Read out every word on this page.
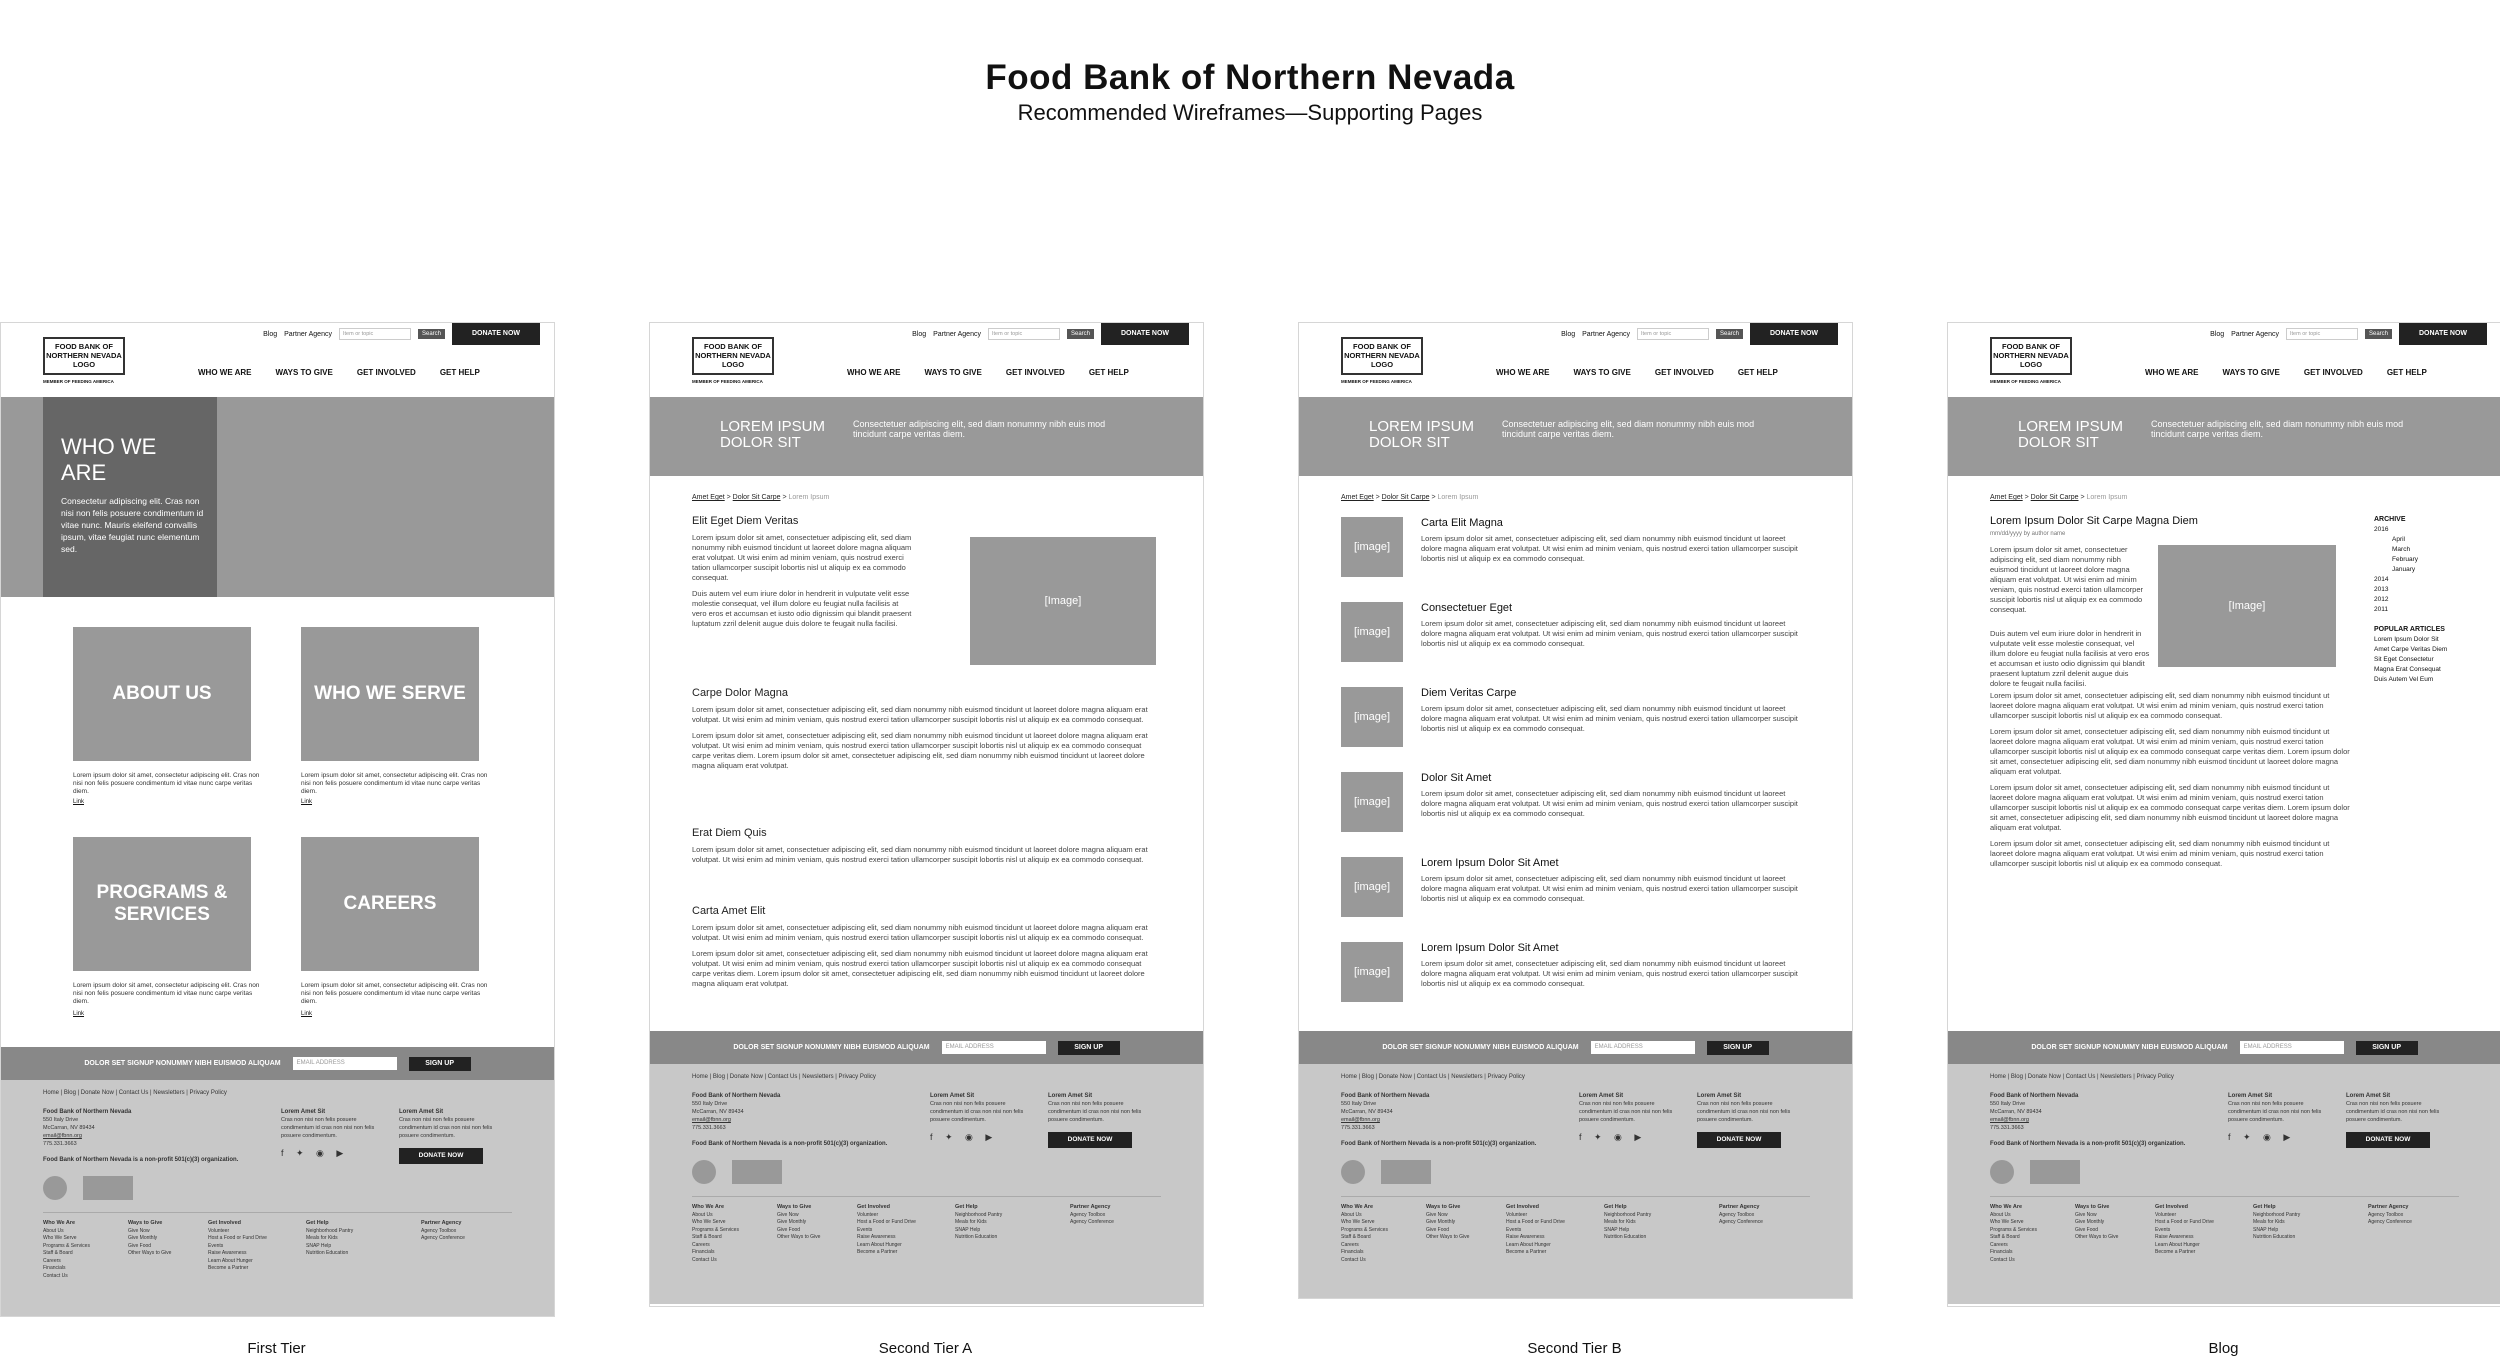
Food Bank of Northern Nevada
Recommended Wireframes—Supporting Pages
FOOD BANK OF NORTHERN NEVADA LOGO
MEMBER OF FEEDING AMERICA
Blog Partner Agency	Item or topic	Search	DONATE NOW
WHO WE ARE	WAYS TO GIVE	GET INVOLVED	GET HELP
WHO WE ARE
Consectetur adipiscing elit. Cras non nisi non felis posuere condimentum id vitae nunc. Mauris eleifend convallis ipsum, vitae feugiat nunc elementum sed.
ABOUT US	WHO WE SERVE
Lorem ipsum dolor sit amet, consectetur adipiscing elit. Cras non nisi non felis posuere condimentum id vitae nunc carpe veritas diem.
Lorem ipsum dolor sit amet, consectetur adipiscing elit. Cras non nisi non felis posuere condimentum id vitae nunc carpe veritas diem.
Link	Link
PROGRAMS & SERVICES
CAREERS
Lorem ipsum dolor sit amet, consectetur adipiscing elit. Cras non nisi non felis posuere condimentum id vitae nunc carpe veritas diem.
Lorem ipsum dolor sit amet, consectetur adipiscing elit. Cras non nisi non felis posuere condimentum id vitae nunc carpe veritas diem.
Link	Link
DOLOR SET SIGNUP NONUMMY NIBH EUISMOD ALIQUAM	EMAIL ADDRESS	SIGN UP
Home | Blog | Donate Now | Contact Us | Newsletters | Privacy Policy
Food Bank of Northern Nevada
550 Italy Drive
McCarran, NV 89434
email@fbnn.org
775.331.3663

Food Bank of Northern Nevada is a non-profit 501(c)(3) organization.
Lorem Amet Sit
Cras non nisi non felis posuere condimentum id cras non nisi non felis posuere condimentum.
Lorem Amet Sit
Cras non nisi non felis posuere condimentum id cras non nisi non felis posuere condimentum.
f ✦ ◉ ▶	DONATE NOW
Who We Are
About Us
Who We Serve
Programs & Services
Staff & Board
Careers
Financials
Contact Us
Ways to Give
Give Now
Give Monthly
Give Food
Other Ways to Give
Get Involved
Volunteer
Host a Food or Fund Drive
Events
Raise Awareness
Learn About Hunger
Become a Partner
Get Help
Neighborhood Pantry
Meals for Kids
SNAP Help
Nutrition Education
Partner Agency
Agency Toolbox
Agency Conference
FOOD BANK OF NORTHERN NEVADA LOGO
MEMBER OF FEEDING AMERICA
Blog Partner Agency	Item or topic	Search	DONATE NOW
WHO WE ARE	WAYS TO GIVE	GET INVOLVED	GET HELP
LOREM IPSUM DOLOR SIT
Consectetuer adipiscing elit, sed diam nonummy nibh euis mod tincidunt carpe veritas diem.
Amet Eget > Dolor Sit Carpe > Lorem Ipsum
Elit Eget Diem Veritas
Lorem ipsum dolor sit amet, consectetuer adipiscing elit, sed diam nonummy nibh euismod tincidunt ut laoreet dolore magna aliquam erat volutpat. Ut wisi enim ad minim veniam, quis nostrud exerci tation ullamcorper suscipit lobortis nisl ut aliquip ex ea commodo consequat.
Duis autem vel eum iriure dolor in hendrerit in vulputate velit esse molestie consequat, vel illum dolore eu feugiat nulla facilisis at vero eros et accumsan et iusto odio dignissim qui blandit praesent luptatum zzril delenit augue duis dolore te feugait nulla facilisi.
[Image]
Carpe Dolor Magna
Lorem ipsum dolor sit amet, consectetuer adipiscing elit, sed diam nonummy nibh euismod tincidunt ut laoreet dolore magna aliquam erat volutpat. Ut wisi enim ad minim veniam, quis nostrud exerci tation ullamcorper suscipit lobortis nisl ut aliquip ex ea commodo consequat.
Lorem ipsum dolor sit amet, consectetuer adipiscing elit, sed diam nonummy nibh euismod tincidunt ut laoreet dolore magna aliquam erat volutpat. Ut wisi enim ad minim veniam, quis nostrud exerci tation ullamcorper suscipit lobortis nisl ut aliquip ex ea commodo consequat carpe veritas diem. Lorem ipsum dolor sit amet, consectetuer adipiscing elit, sed diam nonummy nibh euismod tincidunt ut laoreet dolore magna aliquam erat volutpat.
Erat Diem Quis
Lorem ipsum dolor sit amet, consectetuer adipiscing elit, sed diam nonummy nibh euismod tincidunt ut laoreet dolore magna aliquam erat volutpat. Ut wisi enim ad minim veniam, quis nostrud exerci tation ullamcorper suscipit lobortis nisl ut aliquip ex ea commodo consequat.
Carta Amet Elit
Lorem ipsum dolor sit amet, consectetuer adipiscing elit, sed diam nonummy nibh euismod tincidunt ut laoreet dolore magna aliquam erat volutpat. Ut wisi enim ad minim veniam, quis nostrud exerci tation ullamcorper suscipit lobortis nisl ut aliquip ex ea commodo consequat.
Lorem ipsum dolor sit amet, consectetuer adipiscing elit, sed diam nonummy nibh euismod tincidunt ut laoreet dolore magna aliquam erat volutpat. Ut wisi enim ad minim veniam, quis nostrud exerci tation ullamcorper suscipit lobortis nisl ut aliquip ex ea commodo consequat carpe veritas diem. Lorem ipsum dolor sit amet, consectetuer adipiscing elit, sed diam nonummy nibh euismod tincidunt ut laoreet dolore magna aliquam erat volutpat.
DOLOR SET SIGNUP NONUMMY NIBH EUISMOD ALIQUAM	EMAIL ADDRESS	SIGN UP
Home | Blog | Donate Now | Contact Us | Newsletters | Privacy Policy
Food Bank of Northern Nevada
550 Italy Drive
McCarran, NV 89434
email@fbnn.org
775.331.3663

Food Bank of Northern Nevada is a non-profit 501(c)(3) organization.
Lorem Amet Sit
Cras non nisi non felis posuere condimentum id cras non nisi non felis posuere condimentum.
Lorem Amet Sit
Cras non nisi non felis posuere condimentum id cras non nisi non felis posuere condimentum.
f ✦ ◉ ▶	DONATE NOW
Who We Are
About Us
Who We Serve
Programs & Services
Staff & Board
Careers
Financials
Contact Us
Ways to Give
Give Now
Give Monthly
Give Food
Other Ways to Give
Get Involved
Volunteer
Host a Food or Fund Drive
Events
Raise Awareness
Learn About Hunger
Become a Partner
Get Help
Neighborhood Pantry
Meals for Kids
SNAP Help
Nutrition Education
Partner Agency
Agency Toolbox
Agency Conference
FOOD BANK OF NORTHERN NEVADA LOGO
MEMBER OF FEEDING AMERICA
Blog Partner Agency	Item or topic	Search	DONATE NOW
WHO WE ARE	WAYS TO GIVE	GET INVOLVED	GET HELP
LOREM IPSUM DOLOR SIT
Consectetuer adipiscing elit, sed diam nonummy nibh euis mod tincidunt carpe veritas diem.
Amet Eget > Dolor Sit Carpe > Lorem Ipsum
[image]
Carta Elit Magna
Lorem ipsum dolor sit amet, consectetuer adipiscing elit, sed diam nonummy nibh euismod tincidunt ut laoreet dolore magna aliquam erat volutpat. Ut wisi enim ad minim veniam, quis nostrud exerci tation ullamcorper suscipit lobortis nisl ut aliquip ex ea commodo consequat.
[image]
Consectetuer Eget
Lorem ipsum dolor sit amet, consectetuer adipiscing elit, sed diam nonummy nibh euismod tincidunt ut laoreet dolore magna aliquam erat volutpat. Ut wisi enim ad minim veniam, quis nostrud exerci tation ullamcorper suscipit lobortis nisl ut aliquip ex ea commodo consequat.
[image]
Diem Veritas Carpe
Lorem ipsum dolor sit amet, consectetuer adipiscing elit, sed diam nonummy nibh euismod tincidunt ut laoreet dolore magna aliquam erat volutpat. Ut wisi enim ad minim veniam, quis nostrud exerci tation ullamcorper suscipit lobortis nisl ut aliquip ex ea commodo consequat.
[image]
Dolor Sit Amet
Lorem ipsum dolor sit amet, consectetuer adipiscing elit, sed diam nonummy nibh euismod tincidunt ut laoreet dolore magna aliquam erat volutpat. Ut wisi enim ad minim veniam, quis nostrud exerci tation ullamcorper suscipit lobortis nisl ut aliquip ex ea commodo consequat.
[image]
Lorem Ipsum Dolor Sit Amet
Lorem ipsum dolor sit amet, consectetuer adipiscing elit, sed diam nonummy nibh euismod tincidunt ut laoreet dolore magna aliquam erat volutpat. Ut wisi enim ad minim veniam, quis nostrud exerci tation ullamcorper suscipit lobortis nisl ut aliquip ex ea commodo consequat.
[image]
Lorem Ipsum Dolor Sit Amet
Lorem ipsum dolor sit amet, consectetuer adipiscing elit, sed diam nonummy nibh euismod tincidunt ut laoreet dolore magna aliquam erat volutpat. Ut wisi enim ad minim veniam, quis nostrud exerci tation ullamcorper suscipit lobortis nisl ut aliquip ex ea commodo consequat.
DOLOR SET SIGNUP NONUMMY NIBH EUISMOD ALIQUAM	EMAIL ADDRESS	SIGN UP
Home | Blog | Donate Now | Contact Us | Newsletters | Privacy Policy
Food Bank of Northern Nevada
550 Italy Drive
McCarran, NV 89434
email@fbnn.org
775.331.3663

Food Bank of Northern Nevada is a non-profit 501(c)(3) organization.
Lorem Amet Sit
Cras non nisi non felis posuere condimentum id cras non nisi non felis posuere condimentum.
Lorem Amet Sit
Cras non nisi non felis posuere condimentum id cras non nisi non felis posuere condimentum.
f ✦ ◉ ▶	DONATE NOW
Who We Are
About Us
Who We Serve
Programs & Services
Staff & Board
Careers
Financials
Contact Us
Ways to Give
Give Now
Give Monthly
Give Food
Other Ways to Give
Get Involved
Volunteer
Host a Food or Fund Drive
Events
Raise Awareness
Learn About Hunger
Become a Partner
Get Help
Neighborhood Pantry
Meals for Kids
SNAP Help
Nutrition Education
Partner Agency
Agency Toolbox
Agency Conference
FOOD BANK OF NORTHERN NEVADA LOGO
MEMBER OF FEEDING AMERICA
Blog Partner Agency	Item or topic	Search	DONATE NOW
WHO WE ARE	WAYS TO GIVE	GET INVOLVED	GET HELP
LOREM IPSUM DOLOR SIT
Consectetuer adipiscing elit, sed diam nonummy nibh euis mod tincidunt carpe veritas diem.
Amet Eget > Dolor Sit Carpe > Lorem Ipsum
Lorem Ipsum Dolor Sit Carpe Magna Diem
mm/dd/yyyy by author name
Lorem ipsum dolor sit amet, consectetuer adipiscing elit, sed diam nonummy nibh euismod tincidunt ut laoreet dolore magna aliquam erat volutpat. Ut wisi enim ad minim veniam, quis nostrud exerci tation ullamcorper suscipit lobortis nisl ut aliquip ex ea commodo consequat.
Duis autem vel eum iriure dolor in hendrerit in vulputate velit esse molestie consequat, vel illum dolore eu feugiat nulla facilisis at vero eros et accumsan et iusto odio dignissim qui blandit praesent luptatum zzril delenit augue duis dolore te feugait nulla facilisi.
[Image]
Lorem ipsum dolor sit amet, consectetuer adipiscing elit, sed diam nonummy nibh euismod tincidunt ut laoreet dolore magna aliquam erat volutpat. Ut wisi enim ad minim veniam, quis nostrud exerci tation ullamcorper suscipit lobortis nisl ut aliquip ex ea commodo consequat.
Lorem ipsum dolor sit amet, consectetuer adipiscing elit, sed diam nonummy nibh euismod tincidunt ut laoreet dolore magna aliquam erat volutpat. Ut wisi enim ad minim veniam, quis nostrud exerci tation ullamcorper suscipit lobortis nisl ut aliquip ex ea commodo consequat carpe veritas diem. Lorem ipsum dolor sit amet, consectetuer adipiscing elit, sed diam nonummy nibh euismod tincidunt ut laoreet dolore magna aliquam erat volutpat.
Lorem ipsum dolor sit amet, consectetuer adipiscing elit, sed diam nonummy nibh euismod tincidunt ut laoreet dolore magna aliquam erat volutpat. Ut wisi enim ad minim veniam, quis nostrud exerci tation ullamcorper suscipit lobortis nisl ut aliquip ex ea commodo consequat carpe veritas diem. Lorem ipsum dolor sit amet, consectetuer adipiscing elit, sed diam nonummy nibh euismod tincidunt ut laoreet dolore magna aliquam erat volutpat.
Lorem ipsum dolor sit amet, consectetuer adipiscing elit, sed diam nonummy nibh euismod tincidunt ut laoreet dolore magna aliquam erat volutpat. Ut wisi enim ad minim veniam, quis nostrud exerci tation ullamcorper suscipit lobortis nisl ut aliquip ex ea commodo consequat.
ARCHIVE
2016
April
March
February
January
2014
2013
2012
2011

POPULAR ARTICLES
Lorem Ipsum Dolor Sit
Amet Carpe Veritas Diem
Sit Eget Consectetur
Magna Erat Consequat
Duis Autem Vel Eum
DOLOR SET SIGNUP NONUMMY NIBH EUISMOD ALIQUAM	EMAIL ADDRESS	SIGN UP
Home | Blog | Donate Now | Contact Us | Newsletters | Privacy Policy
Food Bank of Northern Nevada
550 Italy Drive
McCarran, NV 89434
email@fbnn.org
775.331.3663

Food Bank of Northern Nevada is a non-profit 501(c)(3) organization.
Lorem Amet Sit
Cras non nisi non felis posuere condimentum id cras non nisi non felis posuere condimentum.
Lorem Amet Sit
Cras non nisi non felis posuere condimentum id cras non nisi non felis posuere condimentum.
f ✦ ◉ ▶	DONATE NOW
Who We Are
About Us
Who We Serve
Programs & Services
Staff & Board
Careers
Financials
Contact Us
Ways to Give
Give Now
Give Monthly
Give Food
Other Ways to Give
Get Involved
Volunteer
Host a Food or Fund Drive
Events
Raise Awareness
Learn About Hunger
Become a Partner
Get Help
Neighborhood Pantry
Meals for Kids
SNAP Help
Nutrition Education
Partner Agency
Agency Toolbox
Agency Conference
First Tier	Second Tier A	Second Tier B	Blog
